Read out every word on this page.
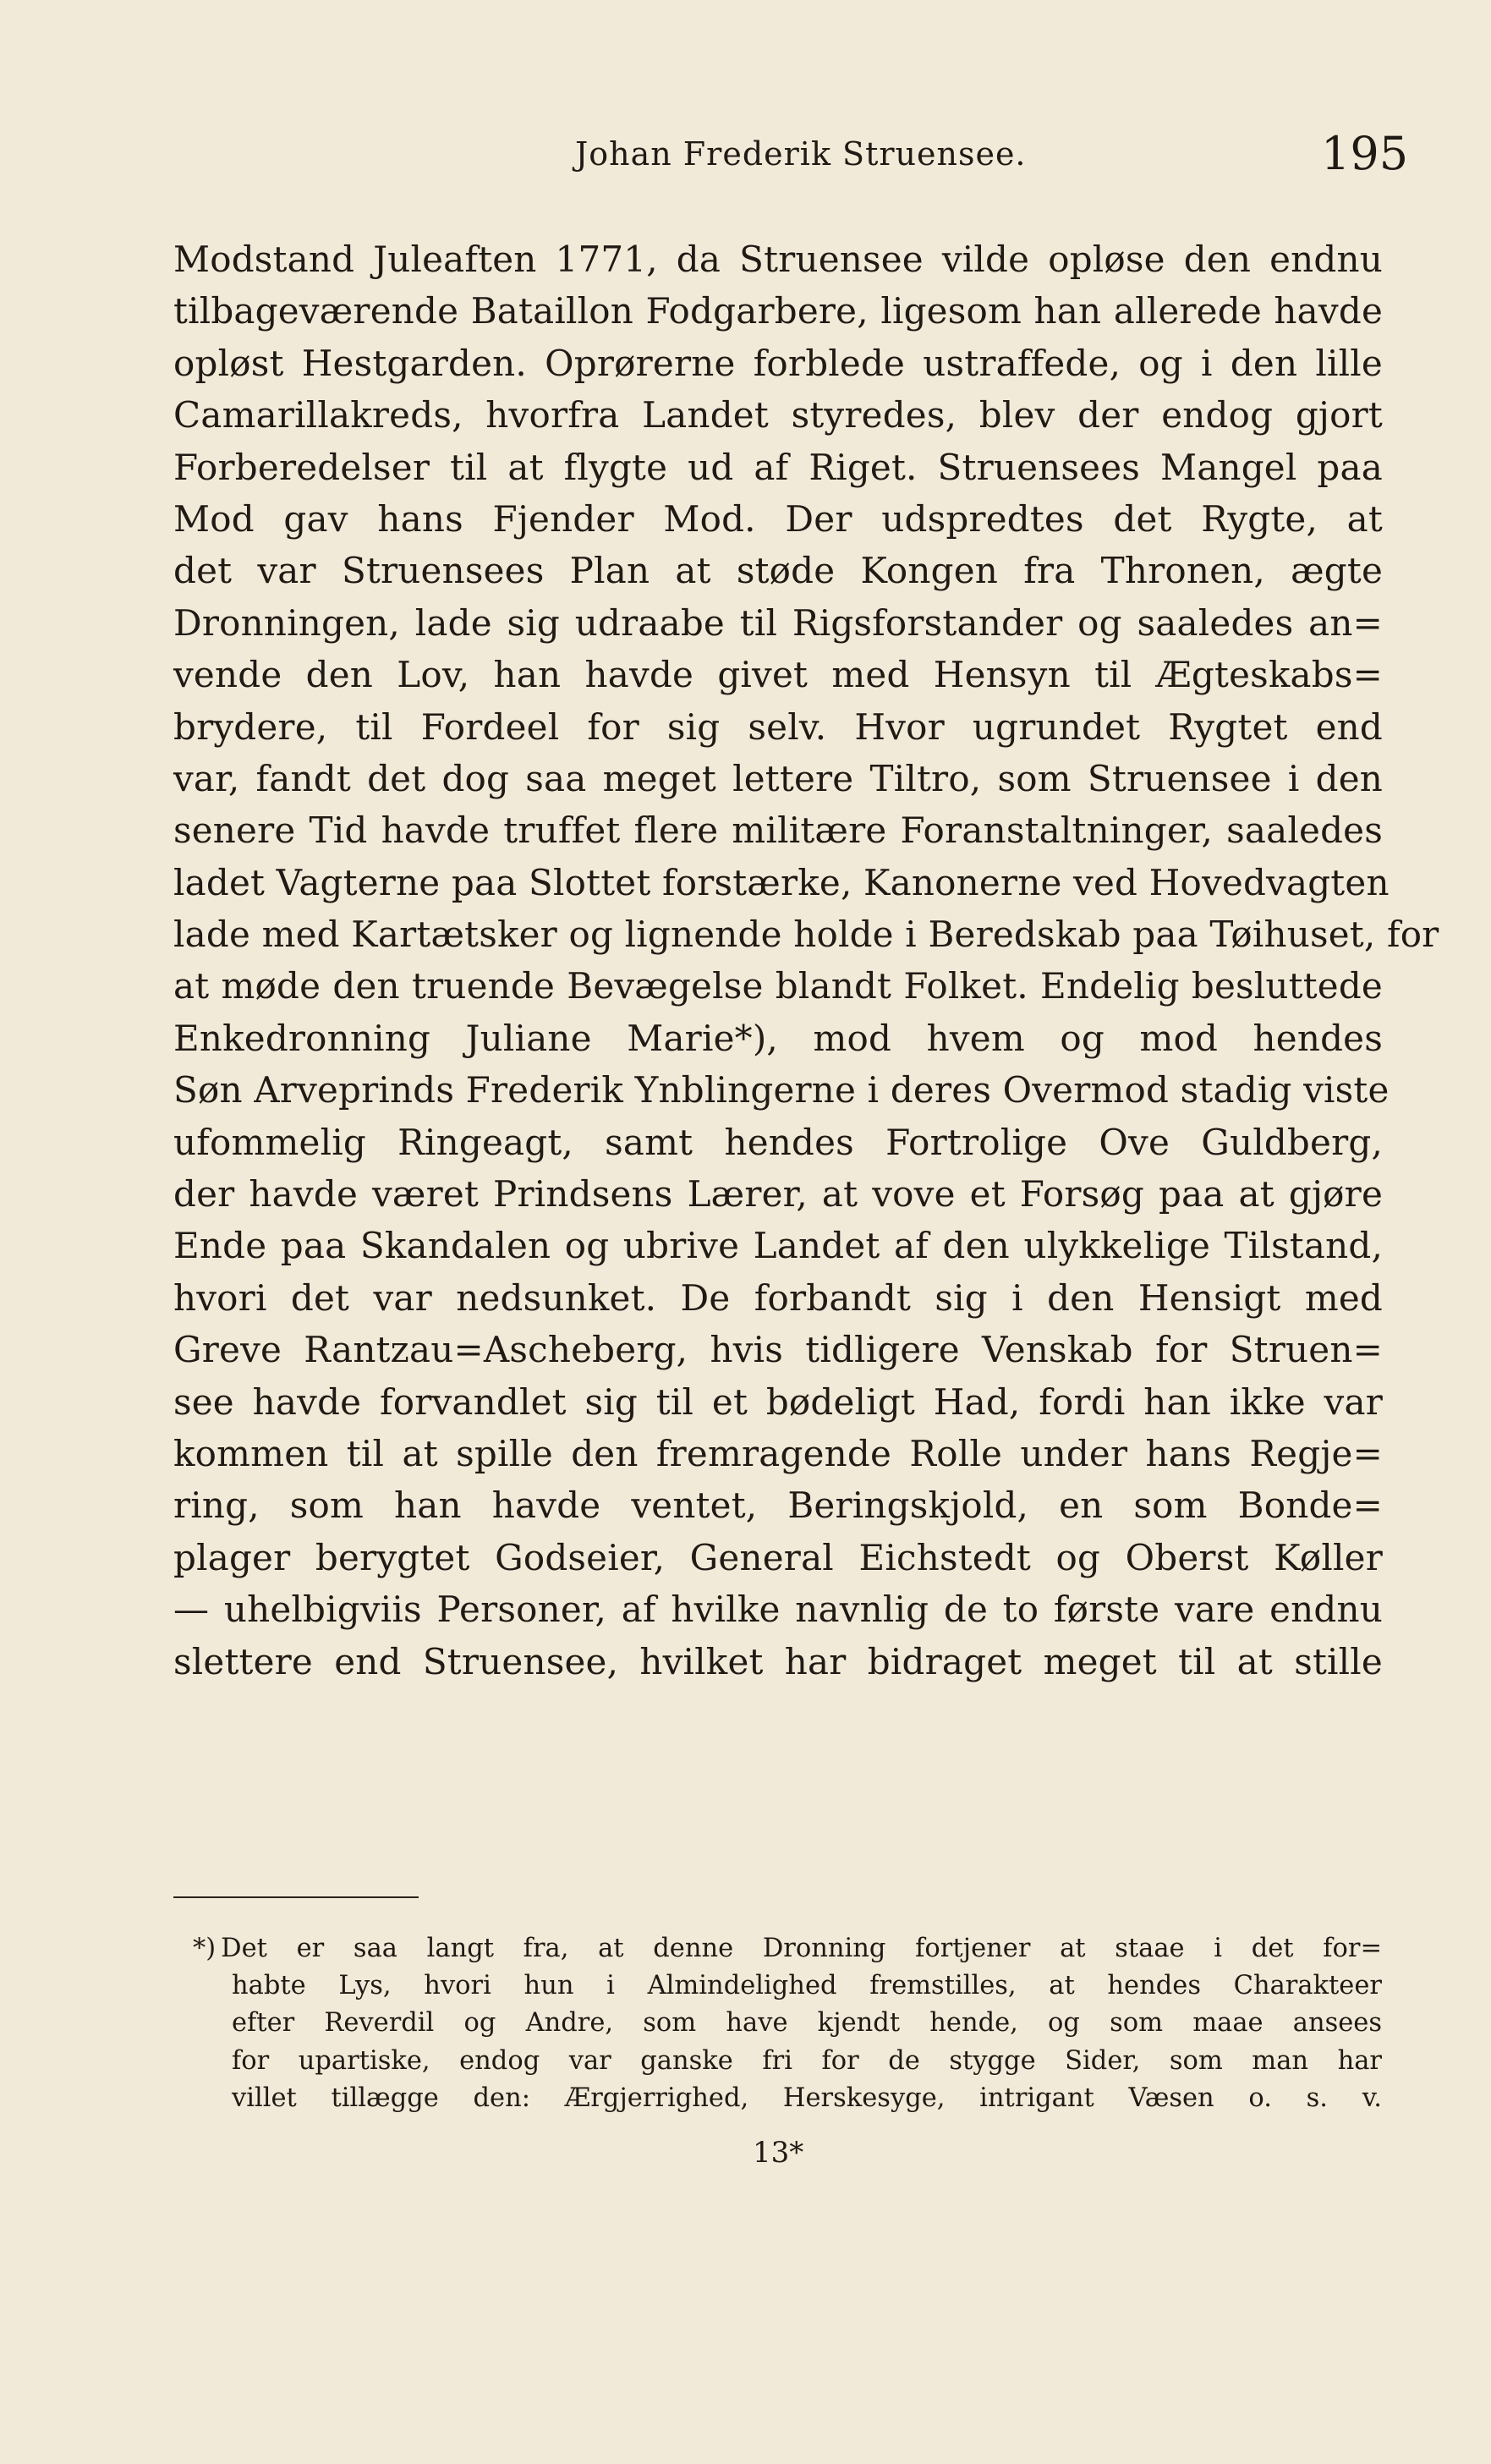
Johan Frederik Struensee.	195
Modstand Juleaften 1771, da Struensee vilde opløse den endnu
tilbageværende Bataillon Fodgarbere, ligesom han allerede havde
opløst Hestgarden. Oprørerne forblede ustraffede, og i den lille
Camarillakreds, hvorfra Landet styredes, blev der endog gjort
Forberedelser til at flygte ud af Riget. Struensees Mangel paa
Mod gav hans Fjender Mod. Der udspredtes det Rygte, at
det var Struensees Plan at støde Kongen fra Thronen, ægte
Dronningen, lade sig udraabe til Rigsforstander og saaledes an=
vende den Lov, han havde givet med Hensyn til Ægteskabs=
brydere, til Fordeel for sig selv. Hvor ugrundet Rygtet end
var, fandt det dog saa meget lettere Tiltro, som Struensee i den
senere Tid havde truffet flere militære Foranstaltninger, saaledes
ladet Vagterne paa Slottet forstærke, Kanonerne ved Hovedvagten
lade med Kartætsker og lignende holde i Beredskab paa Tøihuset, for
at møde den truende Bevægelse blandt Folket. Endelig besluttede
Enkedronning Juliane Marie*), mod hvem og mod hendes
Søn Arveprinds Frederik Ynblingerne i deres Overmod stadig viste
ufommelig Ringeagt, samt hendes Fortrolige Ove Guldberg,
der havde været Prindsens Lærer, at vove et Forsøg paa at gjøre
Ende paa Skandalen og ubrive Landet af den ulykkelige Tilstand,
hvori det var nedsunket. De forbandt sig i den Hensigt med
Greve Rantzau=Ascheberg, hvis tidligere Venskab for Struen=
see havde forvandlet sig til et bødeligt Had, fordi han ikke var
kommen til at spille den fremragende Rolle under hans Regje=
ring, som han havde ventet, Beringskjold, en som Bonde=
plager berygtet Godseier, General Eichstedt og Oberst Køller
— uhelbigviis Personer, af hvilke navnlig de to første vare endnu
slettere end Struensee, hvilket har bidraget meget til at stille
*) Det er saa langt fra, at denne Dronning fortjener at staae i det for=
habte Lys, hvori hun i Almindelighed fremstilles, at hendes Charakteer
efter Reverdil og Andre, som have kjendt hende, og som maae ansees
for upartiske, endog var ganske fri for de styggе Sider, som man har
villet tillægge den: Ærgjerrighed, Herskesyge, intrigant Væsen o. s. v.
13*
